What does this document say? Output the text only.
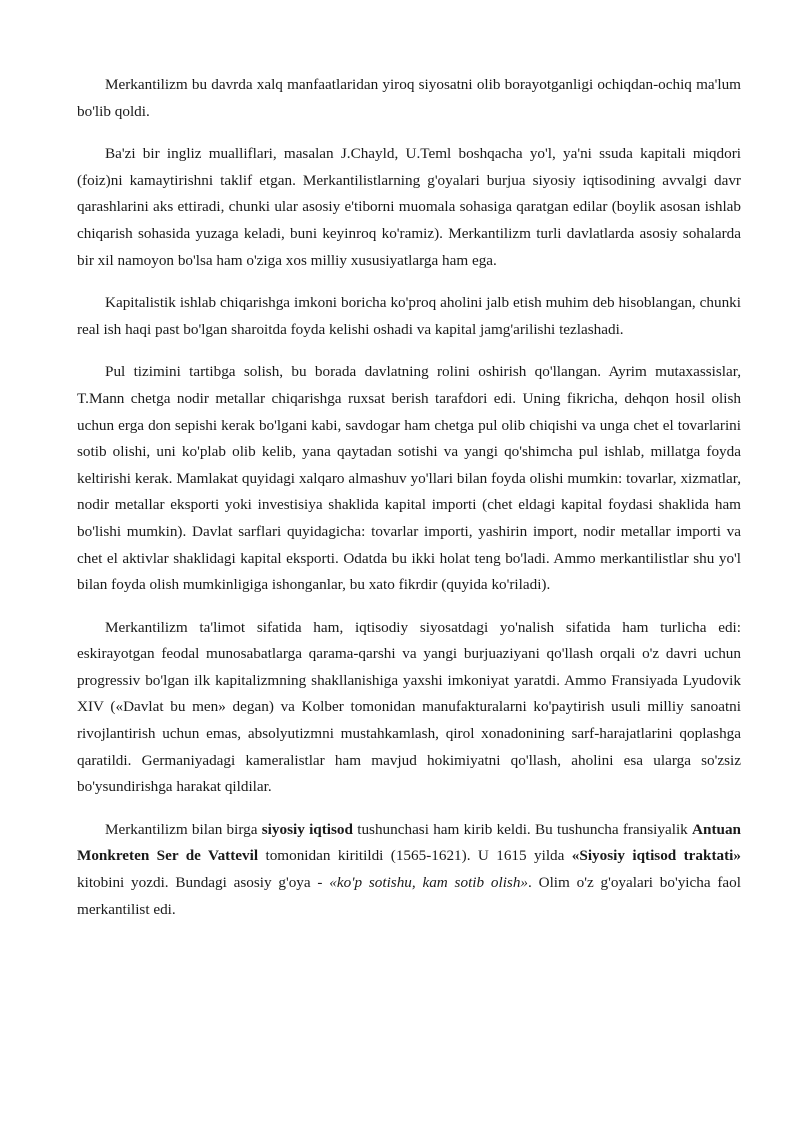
Merkantilizm bu davrda xalq manfaatlaridan yiroq siyosatni olib borayotganligi ochiqdan-ochiq ma'lum bo'lib qoldi.

Ba'zi bir ingliz mualliflari, masalan J.Chayld, U.Teml boshqacha yo'l, ya'ni ssuda kapitali miqdori (foiz)ni kamaytirishni taklif etgan. Merkantilistlarning g'oyalari burjua siyosiy iqtisodining avvalgi davr qarashlarini aks ettiradi, chunki ular asosiy e'tiborni muomala sohasiga qaratgan edilar (boylik asosan ishlab chiqarish sohasida yuzaga keladi, buni keyinroq ko'ramiz). Merkantilizm turli davlatlarda asosiy sohalarda bir xil namoyon bo'lsa ham o'ziga xos milliy xususiyatlarga ham ega.

Kapitalistik ishlab chiqarishga imkoni boricha ko'proq aholini jalb etish muhim deb hisoblangan, chunki real ish haqi past bo'lgan sharoitda foyda kelishi oshadi va kapital jamg'arilishi tezlashadi.

Pul tizimini tartibga solish, bu borada davlatning rolini oshirish qo'llangan. Ayrim mutaxassislar, T.Mann chetga nodir metallar chiqarishga ruxsat berish tarafdori edi. Uning fikricha, dehqon hosil olish uchun erga don sepishi kerak bo'lgani kabi, savdogar ham chetga pul olib chiqishi va unga chet el tovarlarini sotib olishi, uni ko'plab olib kelib, yana qaytadan sotishi va yangi qo'shimcha pul ishlab, millatga foyda keltirishi kerak. Mamlakat quyidagi xalqaro almashuv yo'llari bilan foyda olishi mumkin: tovarlar, xizmatlar, nodir metallar eksporti yoki investisiya shaklida kapital importi (chet eldagi kapital foydasi shaklida ham bo'lishi mumkin). Davlat sarflari quyidagicha: tovarlar importi, yashirin import, nodir metallar importi va chet el aktivlar shaklidagi kapital eksporti. Odatda bu ikki holat teng bo'ladi. Ammo merkantilistlar shu yo'l bilan foyda olish mumkinligiga ishonganlar, bu xato fikrdir (quyida ko'riladi).

Merkantilizm ta'limot sifatida ham, iqtisodiy siyosatdagi yo'nalish sifatida ham turlicha edi: eskirayotgan feodal munosabatlarga qarama-qarshi va yangi burjuaziyani qo'llash orqali o'z davri uchun progressiv bo'lgan ilk kapitalizmning shakllanishiga yaxshi imkoniyat yaratdi. Ammo Fransiyada Lyudovik XIV («Davlat bu men» degan) va Kolber tomonidan manufakturalarni ko'paytirish usuli milliy sanoatni rivojlantirish uchun emas, absolyutizmni mustahkamlash, qirol xonadonining sarf-harajatlarini qoplashga qaratildi. Germaniyadagi kameralistlar ham mavjud hokimiyatni qo'llash, aholini esa ularga so'zsiz bo'ysundirishga harakat qildilar.

Merkantilizm bilan birga siyosiy iqtisod tushunchasi ham kirib keldi. Bu tushuncha fransiyalik Antuan Monkreten Ser de Vattevil tomonidan kiritildi (1565-1621). U 1615 yilda «Siyosiy iqtisod traktati» kitobini yozdi. Bundagi asosiy g'oya - «ko'p sotishu, kam sotib olish». Olim o'z g'oyalari bo'yicha faol merkantilist edi.
